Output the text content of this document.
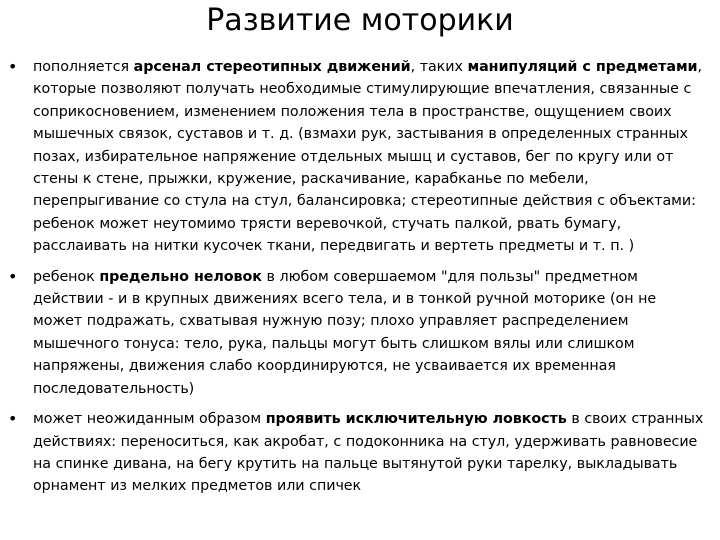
Развитие моторики
• пополняется арсенал стереотипных движений, таких манипуляций с предметами, которые позволяют получать необходимые стимулирующие впечатления, связанные с соприкосновением, изменением положения тела в пространстве, ощущением своих мышечных связок, суставов и т. д. (взмахи рук, застывания в определенных странных позах, избирательное напряжение отдельных мышц и суставов, бег по кругу или от стены к стене, прыжки, кружение, раскачивание, карабканье по мебели, перепрыгивание со стула на стул, балансировка; стереотипные действия с объектами: ребенок может неутомимо трясти веревочкой, стучать палкой, рвать бумагу, расслаивать на нитки кусочек ткани, передвигать и вертеть предметы и т. п. )
• ребенок предельно неловок в любом совершаемом "для пользы" предметном действии - и в крупных движениях всего тела, и в тонкой ручной моторике (он не может подражать, схватывая нужную позу; плохо управляет распределением мышечного тонуса: тело, рука, пальцы могут быть слишком вялы или слишком напряжены, движения слабо координируются, не усваивается их временная последовательность)
• может неожиданным образом проявить исключительную ловкость в своих странных действиях: переноситься, как акробат, с подоконника на стул, удерживать равновесие на спинке дивана, на бегу крутить на пальце вытянутой руки тарелку, выкладывать орнамент из мелких предметов или спичек
